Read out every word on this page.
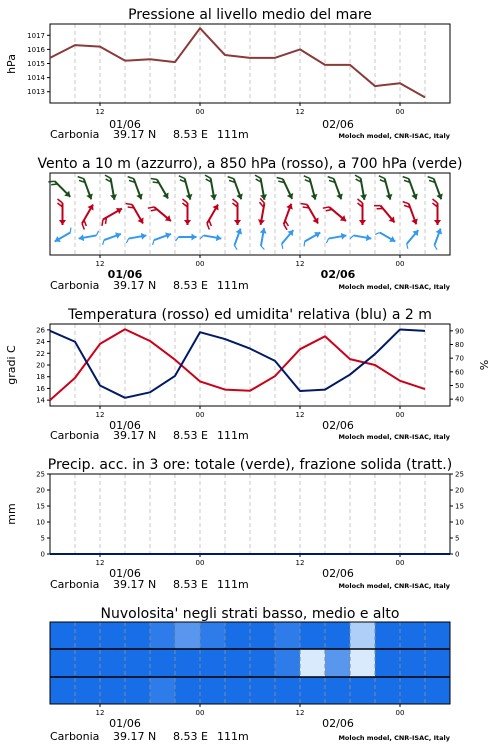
Pressione al livello medio del mare
1013
1014
1015
1016
1017
hPa
12	00	12	00
01/06	02/06
Carbonia 39.17 N 8.53 E 111m	Moloch model, CNR-ISAC, Italy
Vento a 10 m (azzurro), a 850 hPa (rosso), a 700 hPa (verde)
12	00	12	00
01/06	02/06
Carbonia 39.17 N 8.53 E 111m	Moloch model, CNR-ISAC, Italy
Temperatura (rosso) ed umidita' relativa (blu) a 2 m
14
16
18
20
22
24
26
40
50
60
70
80
90
gradi C	%
12	00	12	00
01/06	02/06
Carbonia 39.17 N 8.53 E 111m	Moloch model, CNR-ISAC, Italy
Precip. acc. in 3 ore: totale (verde), frazione solida (tratt.)
0
5
10
15
20
25
0
5
10
15
20
25
mm
12	00	12	00
01/06	02/06
Carbonia 39.17 N 8.53 E 111m	Moloch model, CNR-ISAC, Italy
Nuvolosita' negli strati basso, medio e alto
12	00	12	00
01/06	02/06
Carbonia 39.17 N 8.53 E 111m	Moloch model, CNR-ISAC, Italy
